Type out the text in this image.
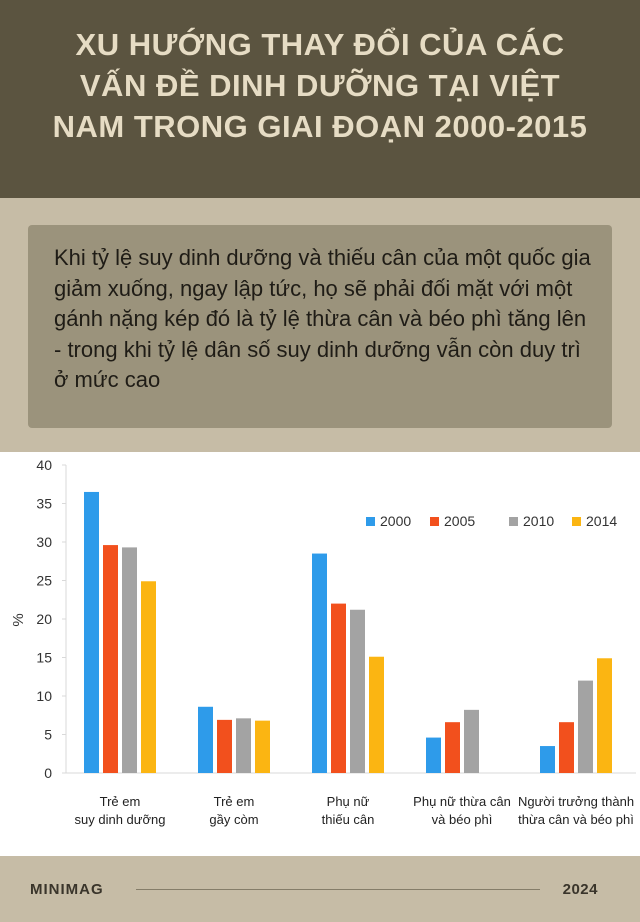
XU HƯỚNG THAY ĐỔI CỦA CÁC VẤN ĐỀ DINH DƯỠNG TẠI VIỆT NAM TRONG GIAI ĐOẠN 2000-2015
Khi tỷ lệ suy dinh dưỡng và thiếu cân của một quốc gia giảm xuống, ngay lập tức, họ sẽ phải đối mặt với một gánh nặng kép đó là tỷ lệ thừa cân và béo phì tăng lên - trong khi tỷ lệ dân số suy dinh dưỡng vẫn còn duy trì ở mức cao
0
5
10
15
20
25
30
35
40
%
Trẻ em
suy dinh dưỡng
Trẻ em
gầy còm
Phụ nữ
thiếu cân
Phụ nữ thừa cân
và béo phì
Người trưởng thành
thừa cân và béo phì
2000 2005	2010 2014
MINIMAG	2024
